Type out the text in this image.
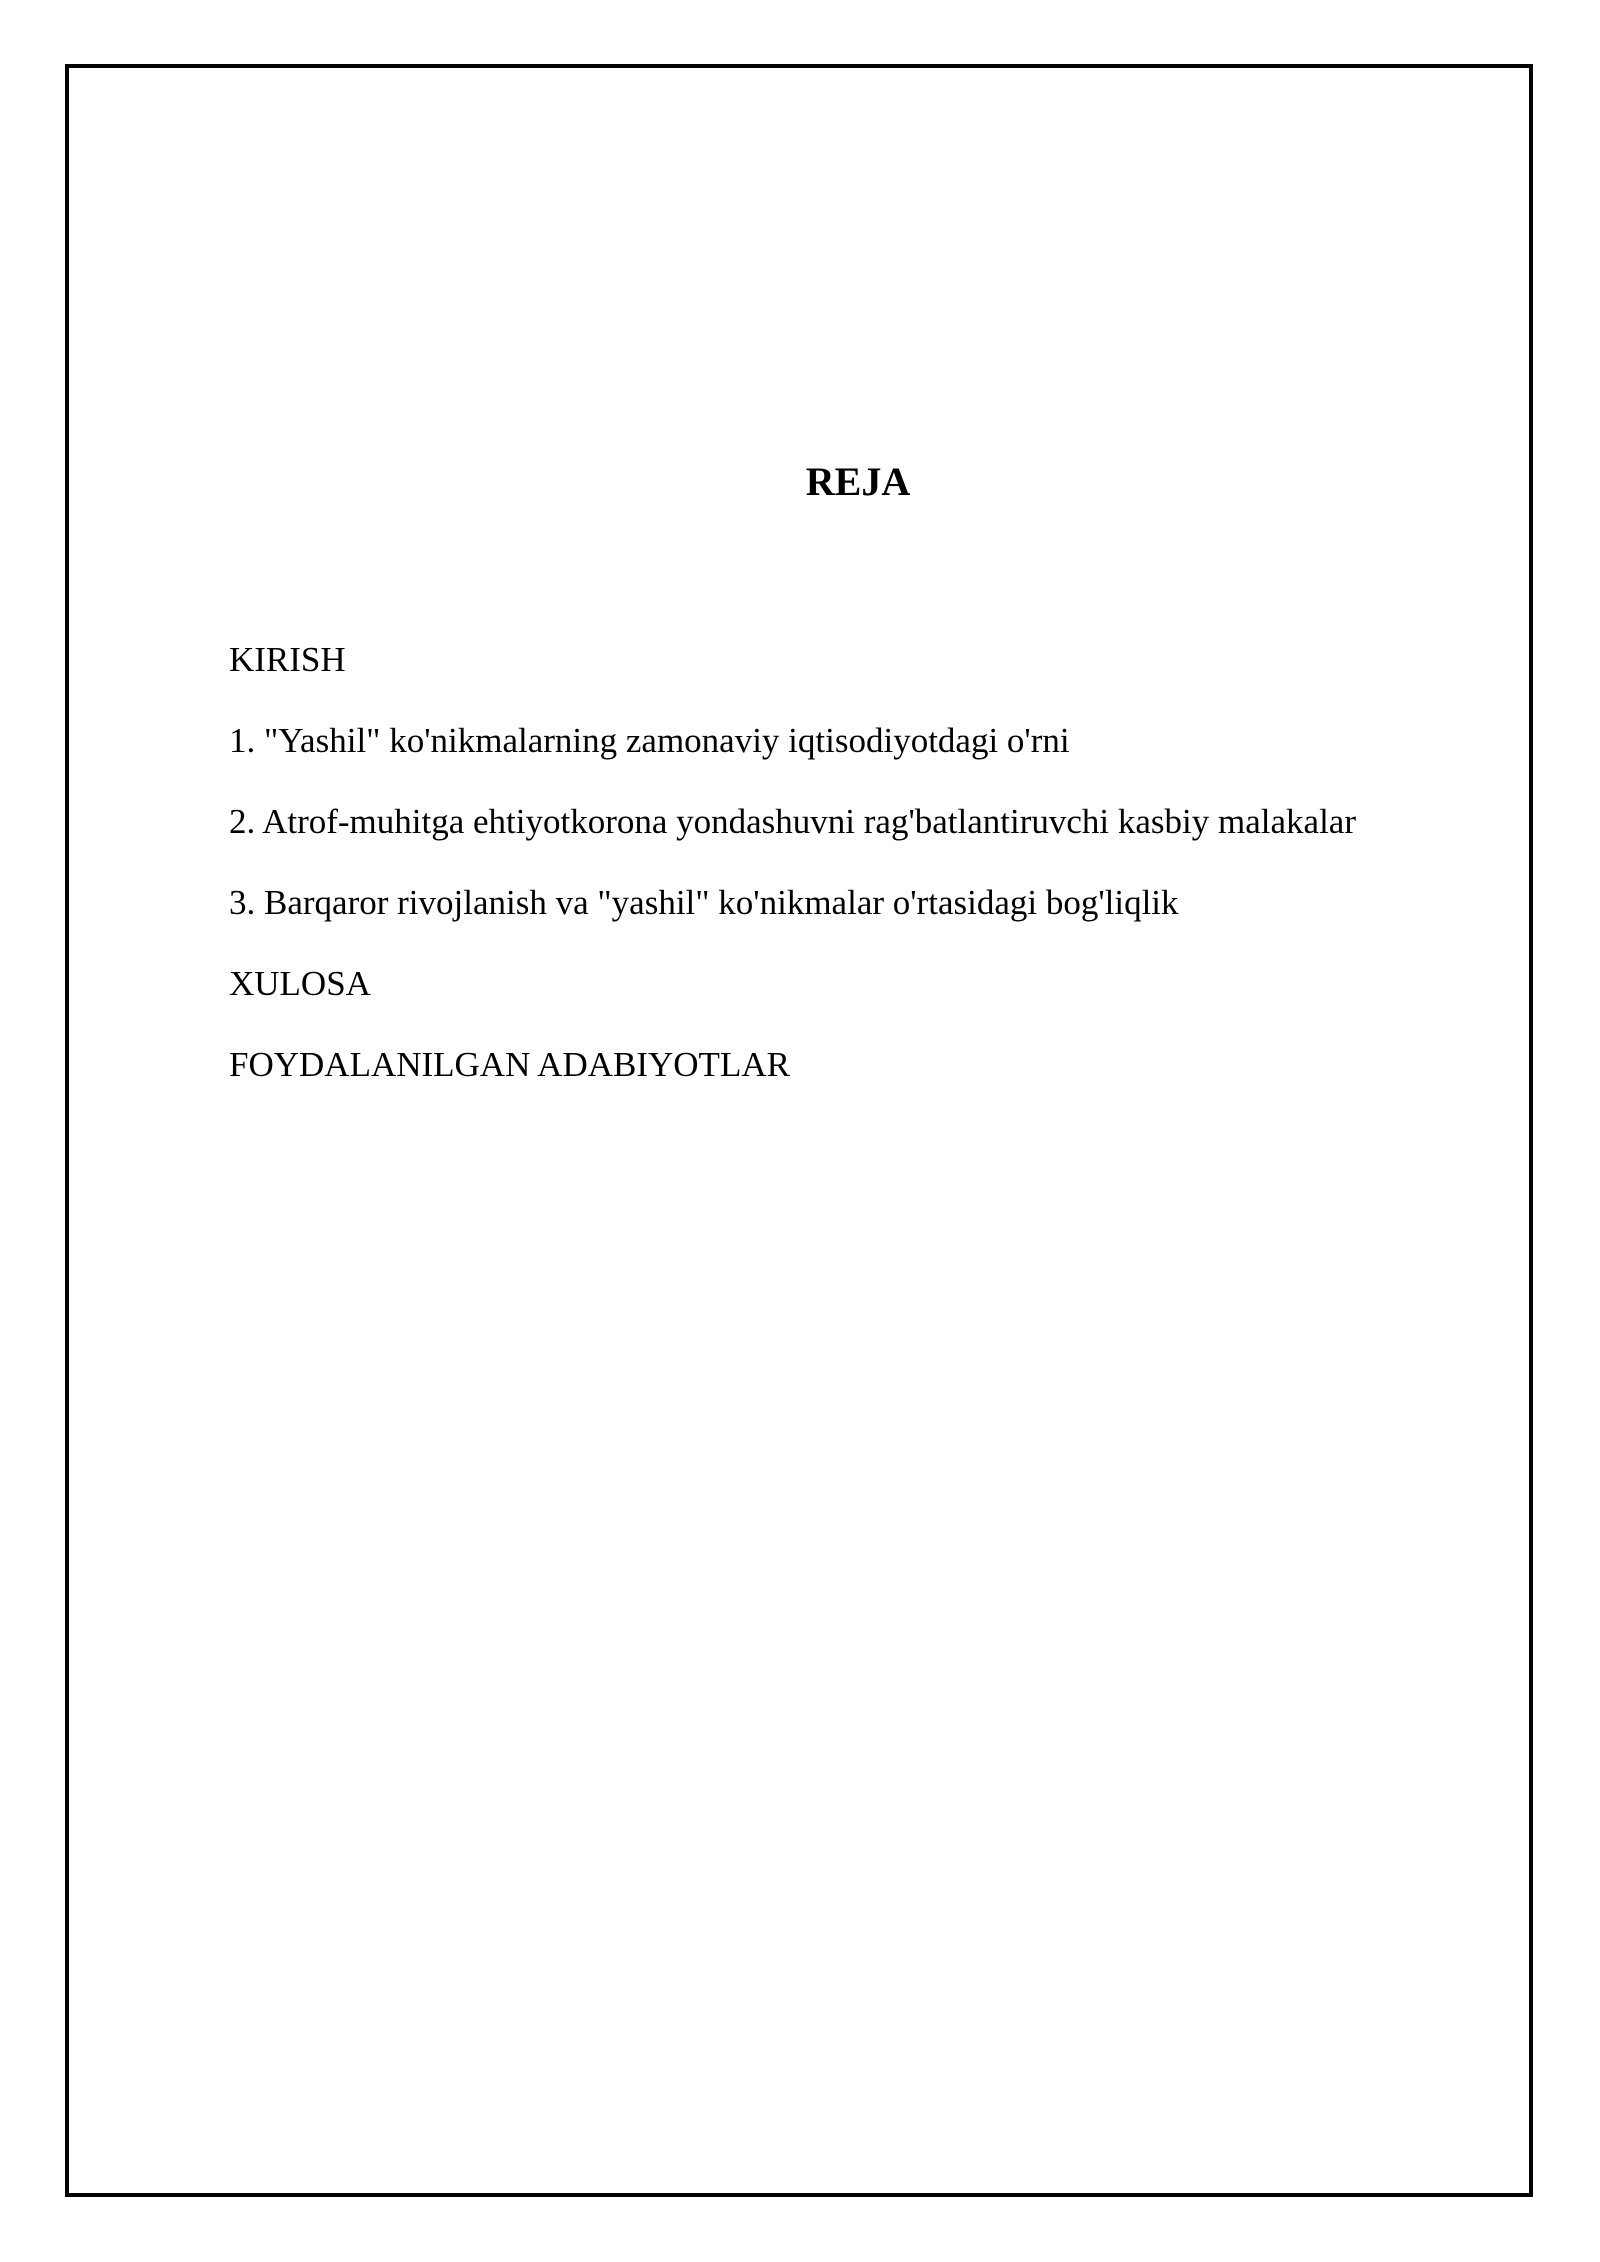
REJA
KIRISH
1. "Yashil" ko'nikmalarning zamonaviy iqtisodiyotdagi o'rni
2. Atrof-muhitga ehtiyotkorona yondashuvni rag'batlantiruvchi kasbiy malakalar
3. Barqaror rivojlanish va "yashil" ko'nikmalar o'rtasidagi bog'liqlik
XULOSA
FOYDALANILGAN ADABIYOTLAR
